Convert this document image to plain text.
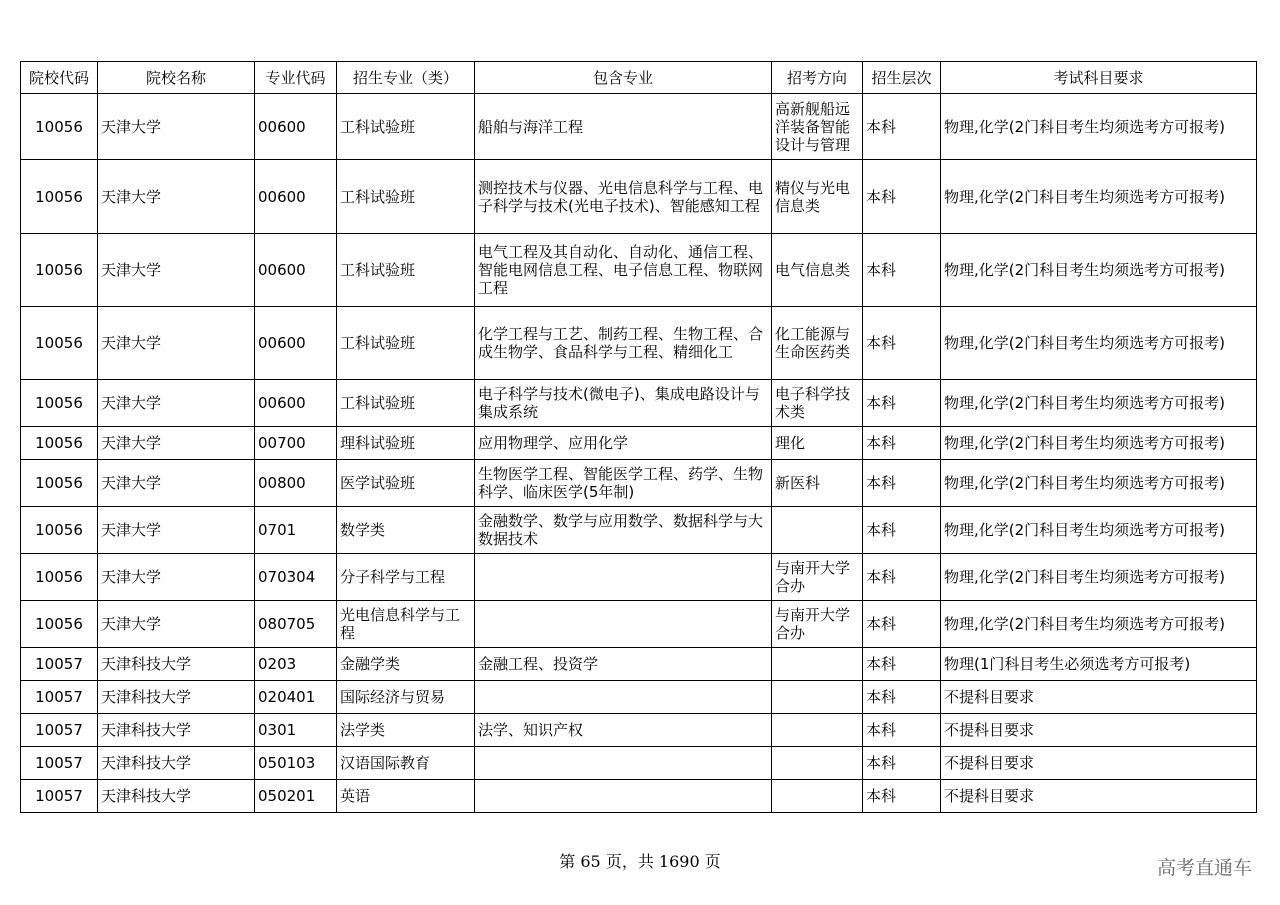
院校代码	院校名称	专业代码	招生专业（类）	包含专业	招考方向	招生层次	考试科目要求
10056	天津大学	00600	工科试验班	船舶与海洋工程	高新舰船远洋装备智能设计与管理	本科	物理,化学(2门科目考生均须选考方可报考)
10056	天津大学	00600	工科试验班	测控技术与仪器、光电信息科学与工程、电子科学与技术(光电子技术)、智能感知工程	精仪与光电信息类	本科	物理,化学(2门科目考生均须选考方可报考)
10056	天津大学	00600	工科试验班	电气工程及其自动化、自动化、通信工程、智能电网信息工程、电子信息工程、物联网工程	电气信息类	本科	物理,化学(2门科目考生均须选考方可报考)
10056	天津大学	00600	工科试验班	化学工程与工艺、制药工程、生物工程、合成生物学、食品科学与工程、精细化工	化工能源与生命医药类	本科	物理,化学(2门科目考生均须选考方可报考)
10056	天津大学	00600	工科试验班	电子科学与技术(微电子)、集成电路设计与集成系统	电子科学技术类	本科	物理,化学(2门科目考生均须选考方可报考)
10056	天津大学	00700	理科试验班	应用物理学、应用化学	理化	本科	物理,化学(2门科目考生均须选考方可报考)
10056	天津大学	00800	医学试验班	生物医学工程、智能医学工程、药学、生物科学、临床医学(5年制)	新医科	本科	物理,化学(2门科目考生均须选考方可报考)
10056	天津大学	0701	数学类	金融数学、数学与应用数学、数据科学与大数据技术		本科	物理,化学(2门科目考生均须选考方可报考)
10056	天津大学	070304	分子科学与工程		与南开大学合办	本科	物理,化学(2门科目考生均须选考方可报考)
10056	天津大学	080705	光电信息科学与工程		与南开大学合办	本科	物理,化学(2门科目考生均须选考方可报考)
10057	天津科技大学	0203	金融学类	金融工程、投资学		本科	物理(1门科目考生必须选考方可报考)
10057	天津科技大学	020401	国际经济与贸易			本科	不提科目要求
10057	天津科技大学	0301	法学类	法学、知识产权		本科	不提科目要求
10057	天津科技大学	050103	汉语国际教育			本科	不提科目要求
10057	天津科技大学	050201	英语			本科	不提科目要求
第 65 页，共 1690 页	高考直通车
